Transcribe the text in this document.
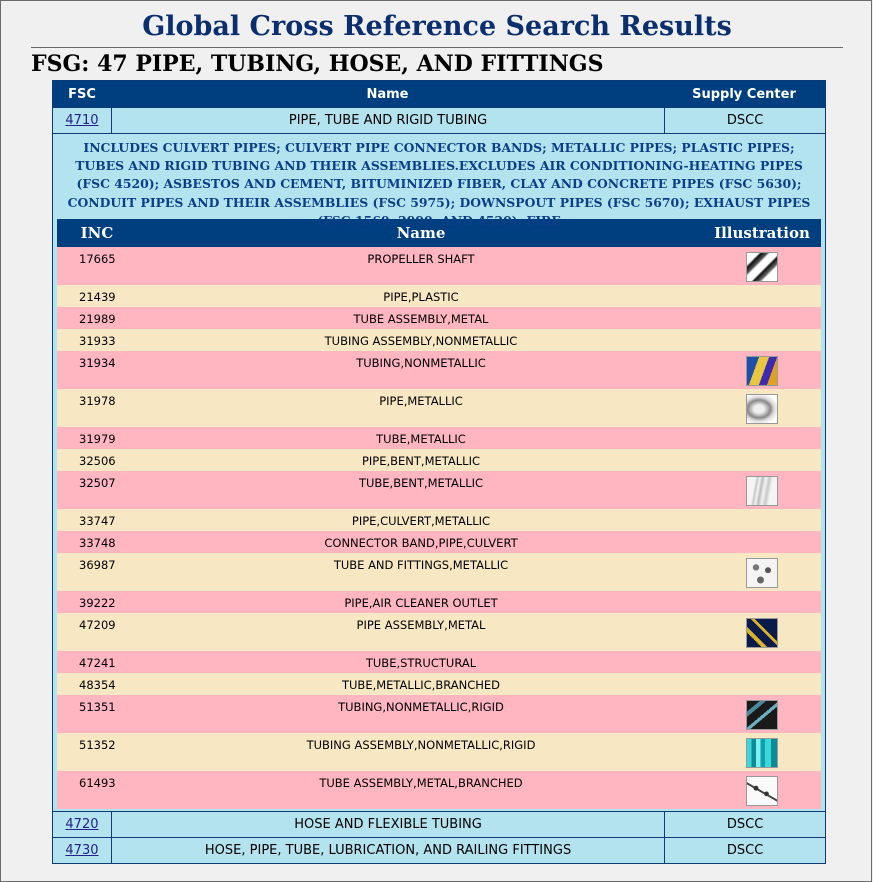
Global Cross Reference Search Results
FSG: 47 PIPE, TUBING, HOSE, AND FITTINGS
FSC	Name	Supply Center
4710	PIPE, TUBE AND RIGID TUBING	DSCC
INCLUDES CULVERT PIPES; CULVERT PIPE CONNECTOR BANDS; METALLIC PIPES; PLASTIC PIPES; TUBES AND RIGID TUBING AND THEIR ASSEMBLIES.EXCLUDES AIR CONDITIONING-HEATING PIPES (FSC 4520); ASBESTOS AND CEMENT, BITUMINIZED FIBER, CLAY AND CONCRETE PIPES (FSC 5630); CONDUIT PIPES AND THEIR ASSEMBLIES (FSC 5975); DOWNSPOUT PIPES (FSC 5670); EXHAUST PIPES (FSC 1560, 2990, AND 4520); FIRE
INC	Name	Illustration
17665	PROPELLER SHAFT
21439	PIPE,PLASTIC
21989	TUBE ASSEMBLY,METAL
31933	TUBING ASSEMBLY,NONMETALLIC
31934	TUBING,NONMETALLIC
31978	PIPE,METALLIC
31979	TUBE,METALLIC
32506	PIPE,BENT,METALLIC
32507	TUBE,BENT,METALLIC
33747	PIPE,CULVERT,METALLIC
33748	CONNECTOR BAND,PIPE,CULVERT
36987	TUBE AND FITTINGS,METALLIC
39222	PIPE,AIR CLEANER OUTLET
47209	PIPE ASSEMBLY,METAL
47241	TUBE,STRUCTURAL
48354	TUBE,METALLIC,BRANCHED
51351	TUBING,NONMETALLIC,RIGID
51352	TUBING ASSEMBLY,NONMETALLIC,RIGID
61493	TUBE ASSEMBLY,METAL,BRANCHED
4720	HOSE AND FLEXIBLE TUBING	DSCC
4730	HOSE, PIPE, TUBE, LUBRICATION, AND RAILING FITTINGS	DSCC
